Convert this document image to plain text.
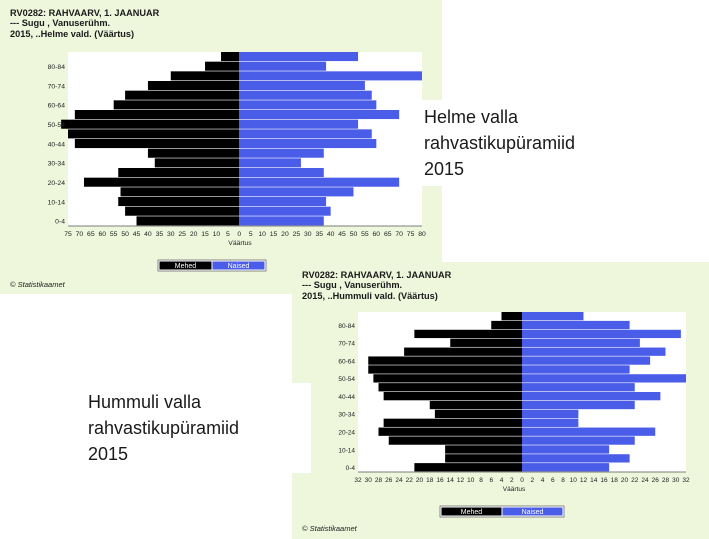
RV0282: RAHVAARV, 1. JAANUAR
--- Sugu , Vanuserühm.
2015, ..Helme vald. (Väärtus)
0-4
10-14
20-24
30-34
40-44
50-54
60-64
70-74
80-84
75 70 65 60 55 50 45 40 35 30 25 20 15 10 5 0 5 10 15 20 25 30 35 40 45 50 55 60 65 70 75 80
Väärtus
Mehed	Naised
© Statistikaamet
RV0282: RAHVAARV, 1. JAANUAR
--- Sugu , Vanuserühm.
2015, ..Hummuli vald. (Väärtus)
0-4
10-14
20-24
30-34
40-44
50-54
60-64
70-74
80-84
32 30 28 26 24 22 20 18 16 14 12 10 8 6 4 2 0 2 4 6 8 10 12 14 16 18 20 22 24 26 28 30 32
Väärtus
Mehed	Naised
© Statistikaamet
Helme valla
rahvastikupüramiid
2015
Hummuli valla
rahvastikupüramiid
2015
